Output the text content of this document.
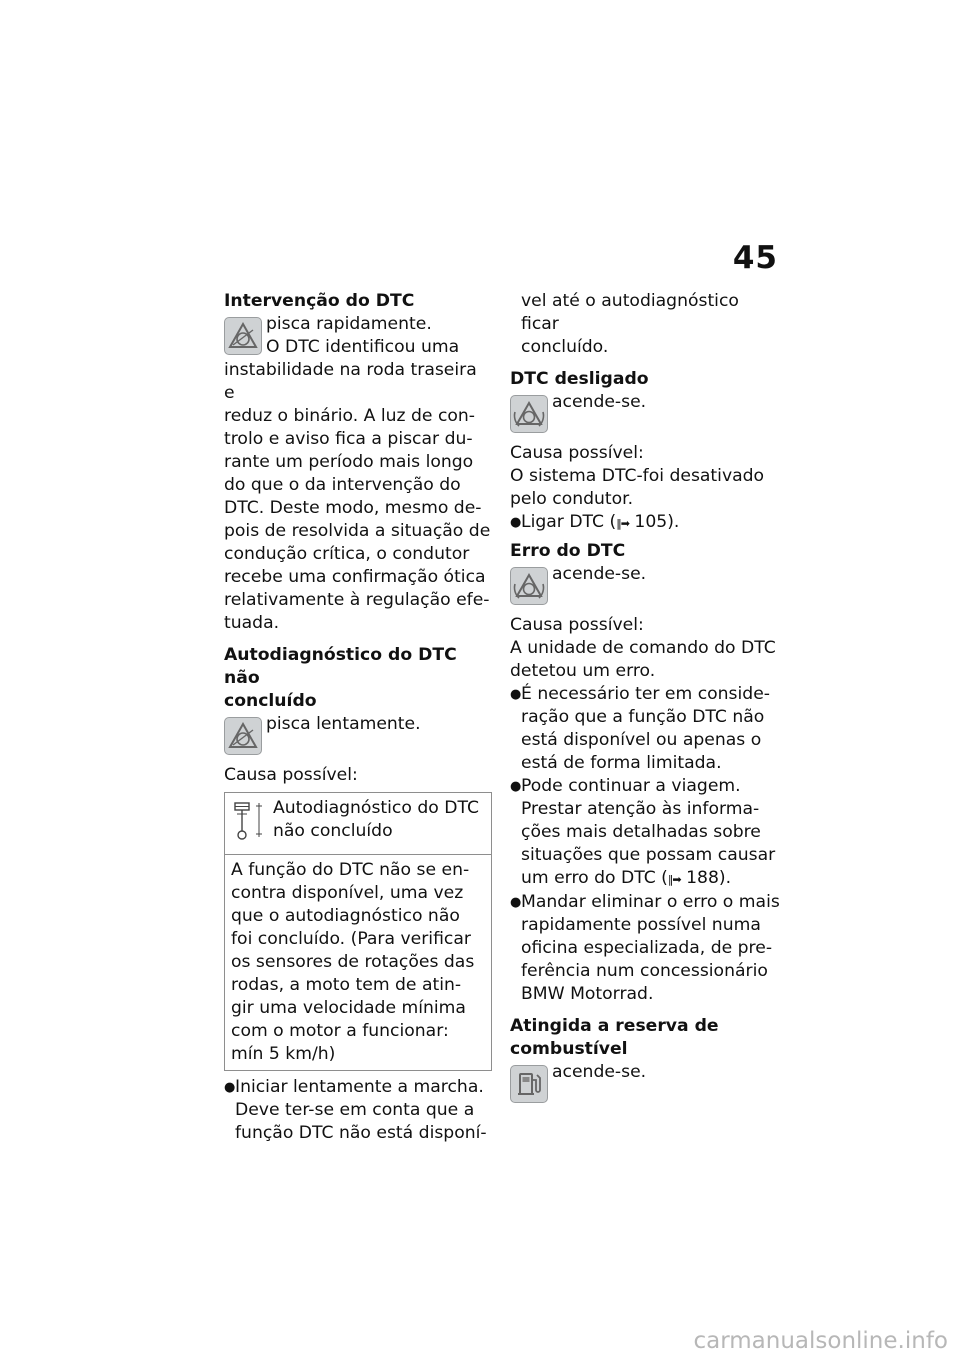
45
Intervenção do DTC
pisca rapidamente.
O DTC identificou uma
instabilidade na roda traseira e
reduz o binário. A luz de con-
trolo e aviso fica a piscar du-
rante um período mais longo
do que o da intervenção do
DTC. Deste modo, mesmo de-
pois de resolvida a situação de
condução crítica, o condutor
recebe uma confirmação ótica
relativamente à regulação efe-
tuada.
Autodiagnóstico do DTC não
concluído
pisca lentamente.
Causa possível:
Autodiagnóstico do DTC
não concluído
A função do DTC não se en-
contra disponível, uma vez
que o autodiagnóstico não
foi concluído. (Para verificar
os sensores de rotações das
rodas, a moto tem de atin-
gir uma velocidade mínima
com o motor a funcionar:
mín 5 km/h)
● Iniciar lentamente a marcha.
Deve ter-se em conta que a
função DTC não está disponí-
vel até o autodiagnóstico ficar
concluído.
DTC desligado
acende-se.
Causa possível:
O sistema DTC-foi desativado
pelo condutor.
● Ligar DTC (‖➡ 105).
Erro do DTC
acende-se.
Causa possível:
A unidade de comando do DTC
detetou um erro.
● É necessário ter em conside-
ração que a função DTC não
está disponível ou apenas o
está de forma limitada.
● Pode continuar a viagem.
Prestar atenção às informa-
ções mais detalhadas sobre
situações que possam causar
um erro do DTC (‖➡ 188).
● Mandar eliminar o erro o mais
rapidamente possível numa
oficina especializada, de pre-
ferência num concessionário
BMW Motorrad.
Atingida a reserva de
combustível
acende-se.
carmanualsonline.info
